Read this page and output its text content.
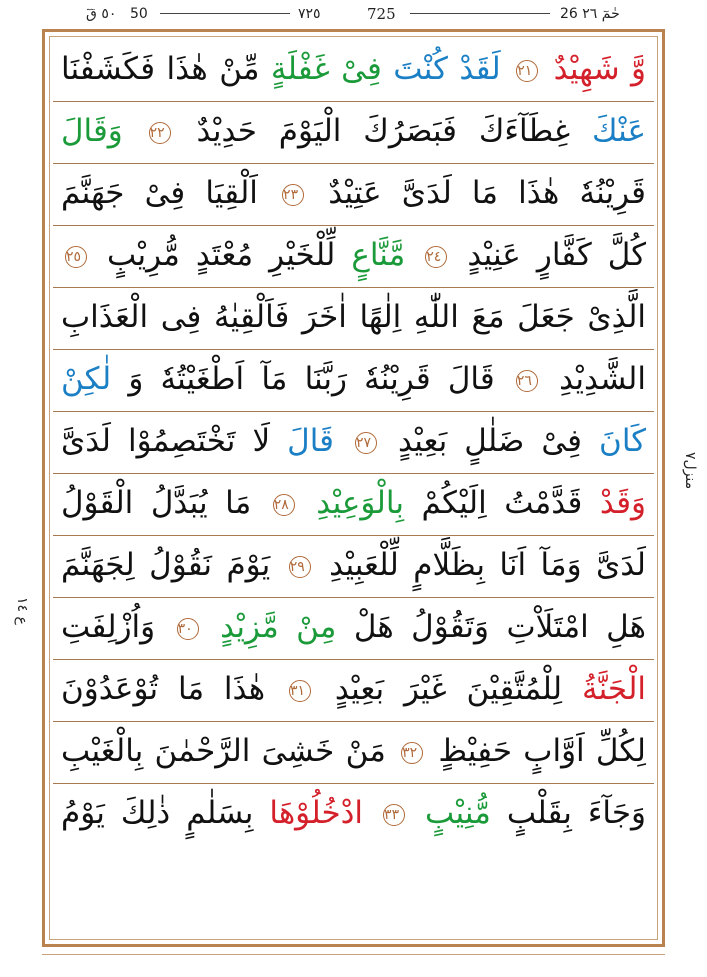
٥٠ قٓ 50	٧٢٥	725	26 حٰمٓ ٢٦
وَّ شَهِيْدٌ ٢١ لَقَدْ كُنْتَ فِىْ غَفْلَةٍ مِّنْ هٰذَا فَكَشَفْنَا
عَنْكَ غِطَآءَكَ فَبَصَرُكَ الْيَوْمَ حَدِيْدٌ ٢٢ وَقَالَ
قَرِيْنُهٗ هٰذَا مَا لَدَىَّ عَتِيْدٌ ٢٣ اَلْقِيَا فِىْ جَهَنَّمَ
كُلَّ كَفَّارٍ عَنِيْدٍ ٢٤ مَّنَّاعٍ لِّلْخَيْرِ مُعْتَدٍ مُّرِيْبٍ ٢٥
الَّذِىْ جَعَلَ مَعَ اللّٰهِ اِلٰهًا اٰخَرَ فَاَلْقِيٰهُ فِى الْعَذَابِ
الشَّدِيْدِ ٢٦ قَالَ قَرِيْنُهٗ رَبَّنَا مَآ اَطْغَيْتُهٗ وَ لٰكِنْ
كَانَ فِىْ ضَلٰلٍ بَعِيْدٍ ٢٧ قَالَ لَا تَخْتَصِمُوْا لَدَىَّ
وَقَدْ قَدَّمْتُ اِلَيْكُمْ بِالْوَعِيْدِ ٢٨ مَا يُبَدَّلُ الْقَوْلُ
لَدَىَّ وَمَآ اَنَا بِظَلَّامٍ لِّلْعَبِيْدِ ٢٩ يَوْمَ نَقُوْلُ لِجَهَنَّمَ
هَلِ امْتَلَاْتِ وَتَقُوْلُ هَلْ مِنْ مَّزِيْدٍ ٣٠ وَاُزْلِفَتِ
الْجَنَّةُ لِلْمُتَّقِيْنَ غَيْرَ بَعِيْدٍ ٣١ هٰذَا مَا تُوْعَدُوْنَ
لِكُلِّ اَوَّابٍ حَفِيْظٍ ٣٢ مَنْ خَشِىَ الرَّحْمٰنَ بِالْغَيْبِ
وَجَآءَ بِقَلْبٍ مُّنِيْبٍ ٣٣ ادْخُلُوْهَا بِسَلٰمٍ ذٰلِكَ يَوْمُ
منزل۷
ع ١٤
